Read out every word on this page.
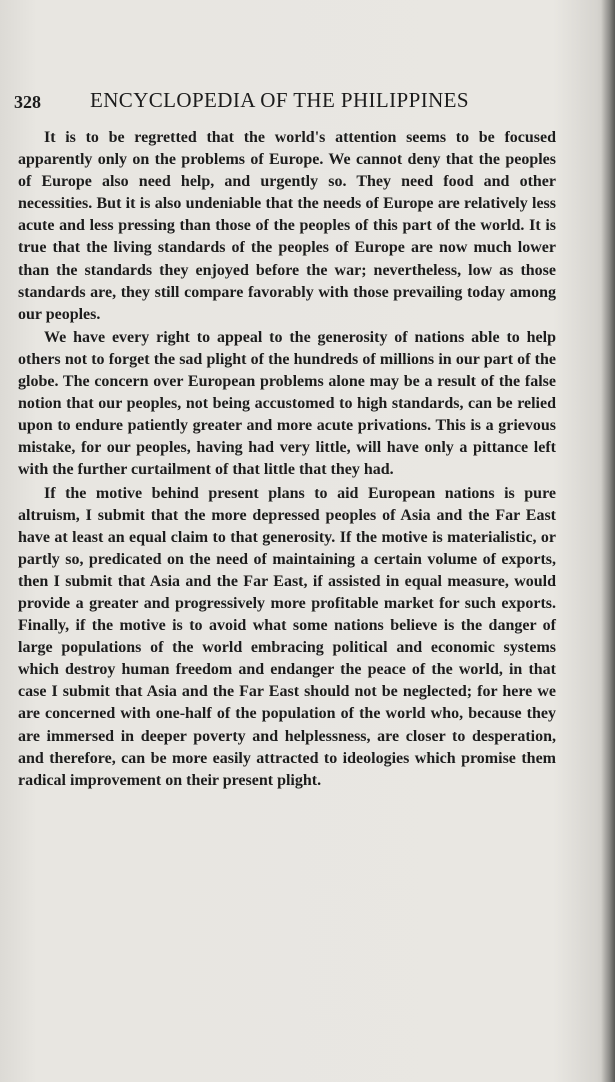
328 ENCYCLOPEDIA OF THE PHILIPPINES

It is to be regretted that the world's attention seems to be focused apparently only on the problems of Europe. We cannot deny that the peoples of Europe also need help, and urgently so. They need food and other necessities. But it is also undeniable that the needs of Europe are relatively less acute and less pressing than those of the peoples of this part of the world. It is true that the living standards of the peoples of Europe are now much lower than the standards they enjoyed before the war; nevertheless, low as those standards are, they still compare favorably with those prevailing today among our peoples.

We have every right to appeal to the generosity of nations able to help others not to forget the sad plight of the hundreds of millions in our part of the globe. The concern over European problems alone may be a result of the false notion that our peoples, not being accustomed to high standards, can be relied upon to endure patiently greater and more acute privations. This is a grievous mistake, for our peoples, having had very little, will have only a pittance left with the further curtailment of that little that they had.

If the motive behind present plans to aid European nations is pure altruism, I submit that the more depressed peoples of Asia and the Far East have at least an equal claim to that generosity. If the motive is materialistic, or partly so, predicated on the need of maintaining a certain volume of exports, then I submit that Asia and the Far East, if assisted in equal measure, would provide a greater and progressively more profitable market for such exports. Finally, if the motive is to avoid what some nations believe is the danger of large populations of the world embracing political and economic systems which destroy human freedom and endanger the peace of the world, in that case I submit that Asia and the Far East should not be neglected; for here we are concerned with one-half of the population of the world who, because they are immersed in deeper poverty and helplessness, are closer to desperation, and therefore, can be more easily attracted to ideologies which promise them radical improvement on their present plight.
